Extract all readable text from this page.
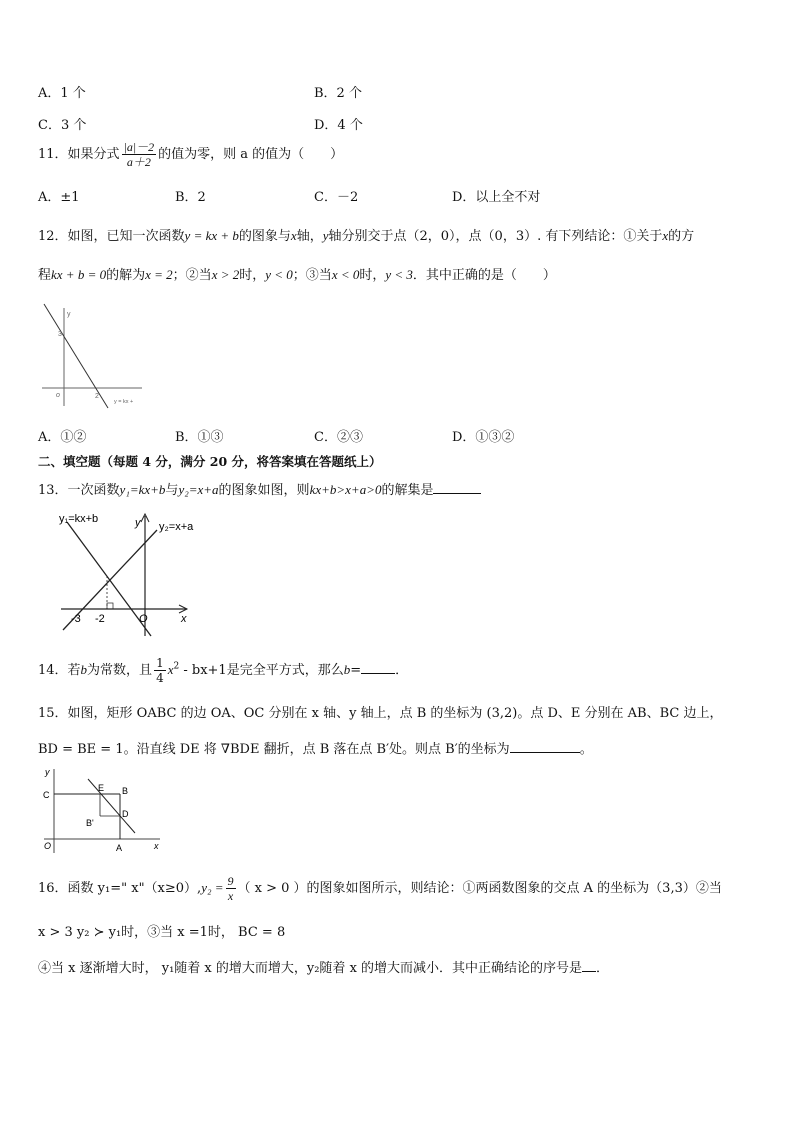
A．1 个	B．2 个
C．3 个	D．4 个
11．如果分式 $\frac{|a|-2}{a+2}$ 的值为零，则 a 的值为（　　）
A．±1	B．2	C．－2	D．以上全不对
12．如图，已知一次函数y = kx + b的图象与x轴，y轴分别交于点（2，0），点（0，3）. 有下列结论：①关于x的方
程kx + b = 0的解为x = 2；②当x > 2时，y < 0；③当x < 0时，y < 3．其中正确的是（　　）
y
3
o	2
y = kx +
A．①②	B．①③	C．②③	D．①③②
二、填空题（每题 4 分，满分 20 分，将答案填在答题纸上）
13．一次函数y₁=kx+b与y₂=x+a的图象如图，则kx+b>x+a>0的解集是
y₁=kx+b
y₂=x+a
y
x
O
-3 -2
14．若b为常数，且 $\frac{1}{4} x^2 - bx+1$是完全平方式，那么b=	．
15．如图，矩形 OABC 的边 OA、OC 分别在 x 轴、y 轴上，点 B 的坐标为 (3,2)。点 D、E 分别在 AB、BC 边上，
BD = BE = 1。沿直线 DE 将 ∇BDE 翻折，点 B 落在点 B′处。则点 B′的坐标为	。
y
x
C
E B
B'
D
O	A
16．函数 y₁=" x"（x≥0）,y₂ = $\frac{9}{x}$ （ x > 0 ）的图象如图所示，则结论：①两函数图象的交点 A 的坐标为（3,3）②当
x > 3 y₂ ≻ y₁时，③当 x =1时， BC = 8
④当 x 逐渐增大时， y₁随着 x 的增大而增大，y₂随着 x 的增大而减小．其中正确结论的序号是 ．
